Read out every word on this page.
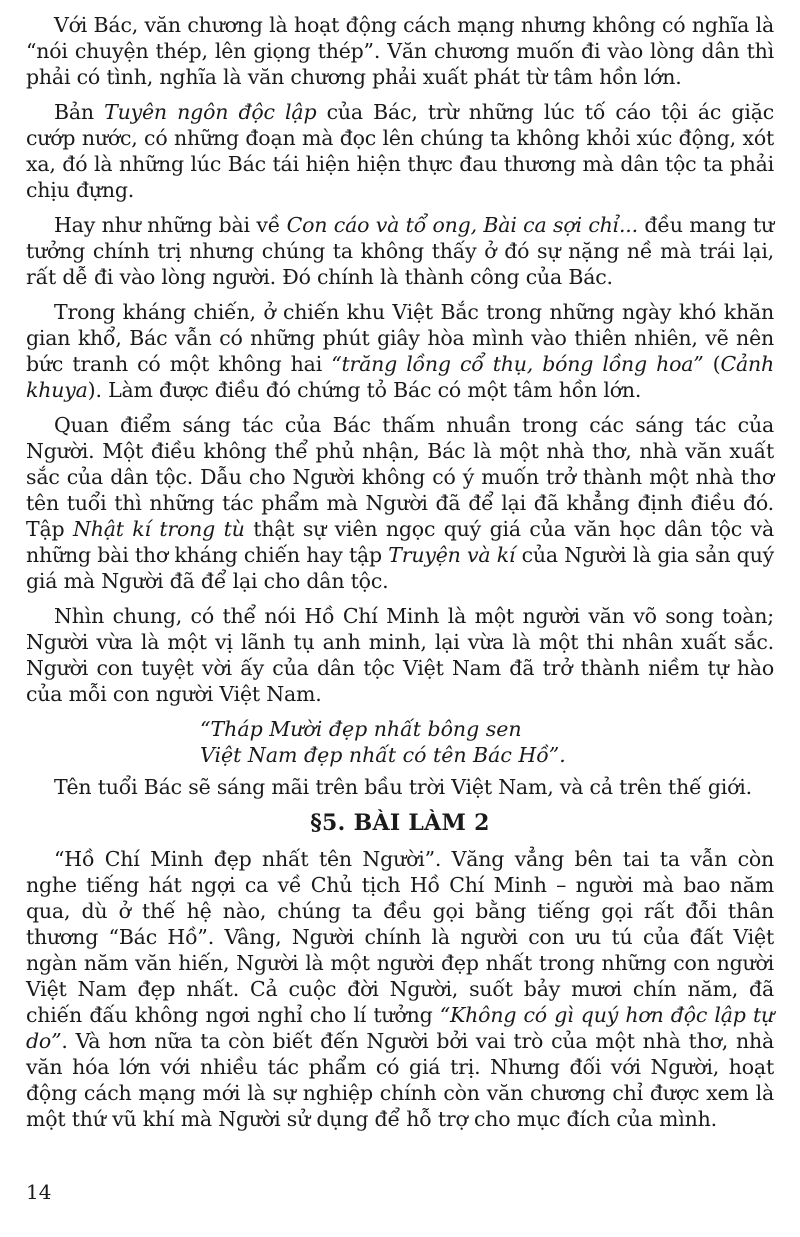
Với Bác, văn chương là hoạt động cách mạng nhưng không có nghĩa là “nói chuyện thép, lên giọng thép”. Văn chương muốn đi vào lòng dân thì phải có tình, nghĩa là văn chương phải xuất phát từ tâm hồn lớn.

Bản Tuyên ngôn độc lập của Bác, trừ những lúc tố cáo tội ác giặc cướp nước, có những đoạn mà đọc lên chúng ta không khỏi xúc động, xót xa, đó là những lúc Bác tái hiện hiện thực đau thương mà dân tộc ta phải chịu đựng.

Hay như những bài về Con cáo và tổ ong, Bài ca sợi chỉ... đều mang tư tưởng chính trị nhưng chúng ta không thấy ở đó sự nặng nề mà trái lại, rất dễ đi vào lòng người. Đó chính là thành công của Bác.

Trong kháng chiến, ở chiến khu Việt Bắc trong những ngày khó khăn gian khổ, Bác vẫn có những phút giây hòa mình vào thiên nhiên, vẽ nên bức tranh có một không hai “trăng lồng cổ thụ, bóng lồng hoa” (Cảnh khuya). Làm được điều đó chứng tỏ Bác có một tâm hồn lớn.

Quan điểm sáng tác của Bác thấm nhuần trong các sáng tác của Người. Một điều không thể phủ nhận, Bác là một nhà thơ, nhà văn xuất sắc của dân tộc. Dẫu cho Người không có ý muốn trở thành một nhà thơ tên tuổi thì những tác phẩm mà Người đã để lại đã khẳng định điều đó. Tập Nhật kí trong tù thật sự viên ngọc quý giá của văn học dân tộc và những bài thơ kháng chiến hay tập Truyện và kí của Người là gia sản quý giá mà Người đã để lại cho dân tộc.

Nhìn chung, có thể nói Hồ Chí Minh là một người văn võ song toàn; Người vừa là một vị lãnh tụ anh minh, lại vừa là một thi nhân xuất sắc. Người con tuyệt vời ấy của dân tộc Việt Nam đã trở thành niềm tự hào của mỗi con người Việt Nam.

“Tháp Mười đẹp nhất bông sen
Việt Nam đẹp nhất có tên Bác Hồ”.

Tên tuổi Bác sẽ sáng mãi trên bầu trời Việt Nam, và cả trên thế giới.

§5. BÀI LÀM 2

“Hồ Chí Minh đẹp nhất tên Người”. Văng vẳng bên tai ta vẫn còn nghe tiếng hát ngợi ca về Chủ tịch Hồ Chí Minh – người mà bao năm qua, dù ở thế hệ nào, chúng ta đều gọi bằng tiếng gọi rất đỗi thân thương “Bác Hồ”. Vâng, Người chính là người con ưu tú của đất Việt ngàn năm văn hiến, Người là một người đẹp nhất trong những con người Việt Nam đẹp nhất. Cả cuộc đời Người, suốt bảy mươi chín năm, đã chiến đấu không ngơi nghỉ cho lí tưởng “Không có gì quý hơn độc lập tự do”. Và hơn nữa ta còn biết đến Người bởi vai trò của một nhà thơ, nhà văn hóa lớn với nhiều tác phẩm có giá trị. Nhưng đối với Người, hoạt động cách mạng mới là sự nghiệp chính còn văn chương chỉ được xem là một thứ vũ khí mà Người sử dụng để hỗ trợ cho mục đích của mình.

14
